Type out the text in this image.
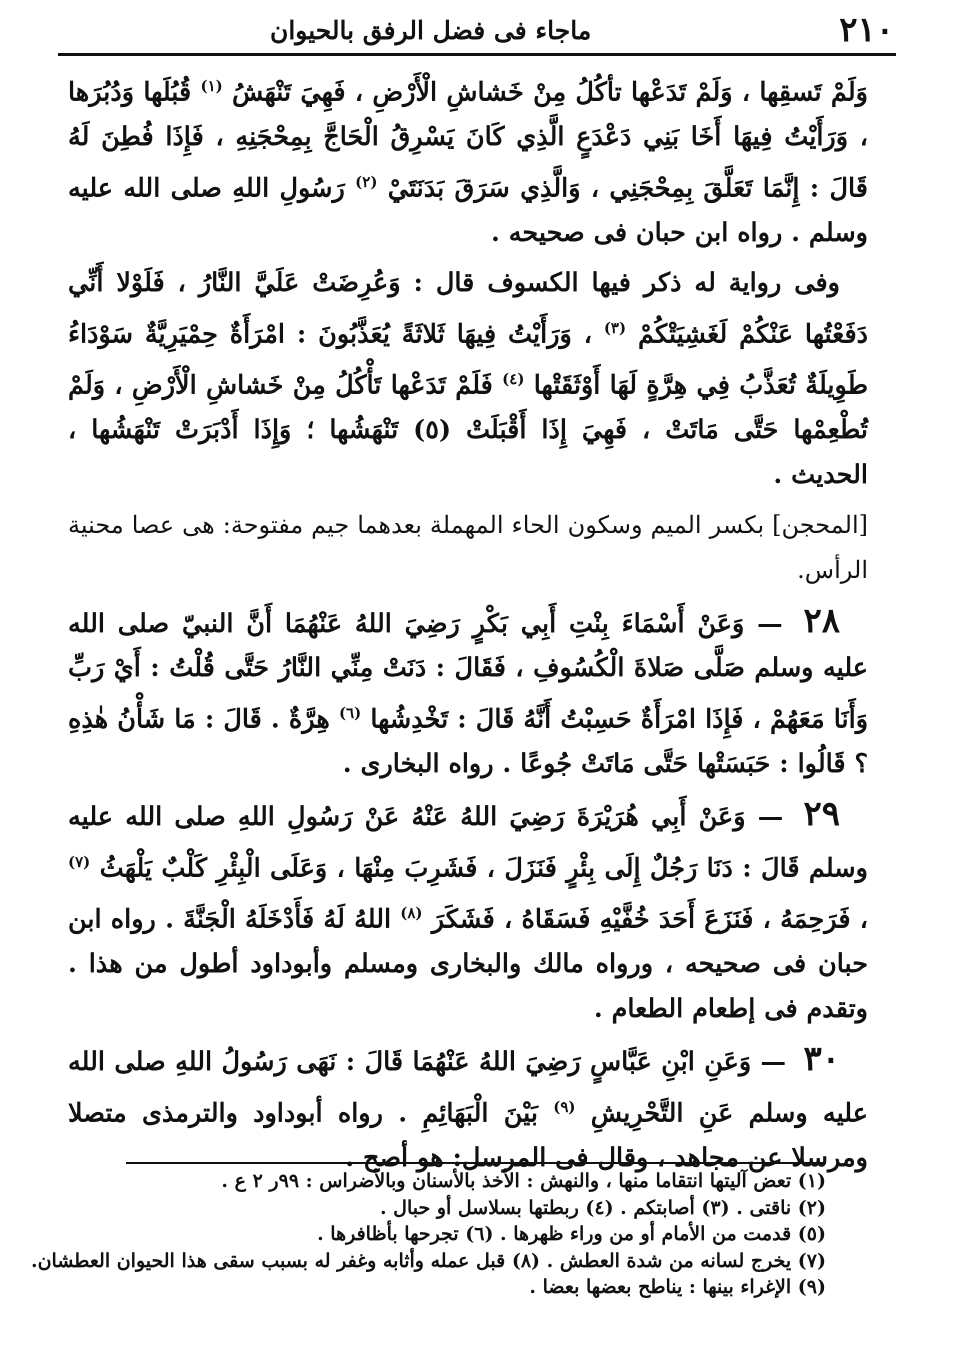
٢١٠
ماجاء فى فضل الرفق بالحيوان

وَلَمْ تَسقِها ، وَلَمْ تَدَعْها تأكُلُ مِنْ خَشاشِ الْأَرْضِ ، فَهِيَ تَنْهَشُ $^{(١)}$ قُبُلَها وَدُبُرَها ، وَرَأَيْتُ فِيهَا أَخَا بَنِي دَعْدَعٍ الَّذِي كَانَ يَسْرِقُ الْحَاجَّ بِمِحْجَنِهِ ، فَإِذَا فُطِنَ لَهُ قَالَ : إِنَّمَا تَعَلَّقَ بِمِحْجَنِي ، وَالَّذِي سَرَقَ بَدَنَتَيْ $^{(٢)}$ رَسُولِ اللهِ صلى الله عليه وسلم . رواه ابن حبان فى صحيحه .

وفى رواية له ذكر فيها الكسوف قال : وَعُرِضَتْ عَلَيَّ النَّارُ ، فَلَوْلا أَنِّي دَفَعْتُها عَنْكُمْ لَغَشِيَتْكُمْ $^{(٣)}$ ، وَرَأَيْتُ فِيهَا ثَلاثَةً يُعَذَّبُونَ : امْرَأَةٌ حِمْيَرِيَّةٌ سَوْدَاءُ طَوِيلَةٌ تُعَذَّبُ فِي هِرَّةٍ لَهَا أَوْثَقَتْها $^{(٤)}$ فَلَمْ تَدَعْها تَأْكُلُ مِنْ خَشاشِ الْأَرْضِ ، وَلَمْ تُطْعِمْها حَتَّى مَاتَتْ ، فَهِيَ إِذَا أَقْبَلَتْ (٥) تَنْهَشُها ؛ وَإِذَا أَدْبَرَتْ تَنْهَشُها ، الحديث .

[المحجن] بكسر الميم وسكون الحاء المهملة بعدهما جيم مفتوحة: هى عصا محنية الرأس.

٢٨ — وَعَنْ أَسْمَاءَ بِنْتِ أَبِي بَكْرٍ رَضِيَ اللهُ عَنْهُمَا أَنَّ النبيّ صلى الله عليه وسلم صَلَّى صَلاةَ الْكُسُوفِ ، فَقَالَ : دَنَتْ مِنِّي النَّارُ حَتَّى قُلْتُ : أَيْ رَبِّ وَأَنَا مَعَهُمْ ، فَإِذَا امْرَأَةٌ حَسِبْتُ أَنَّهُ قَالَ : تَخْدِشُها $^{(٦)}$ هِرَّةٌ . قَالَ : مَا شَأْنُ هٰذِهِ ؟ قَالُوا : حَبَسَتْها حَتَّى مَاتَتْ جُوعًا . رواه البخارى .

٢٩ — وَعَنْ أَبِي هُرَيْرَةَ رَضِيَ اللهُ عَنْهُ عَنْ رَسُولِ اللهِ صلى الله عليه وسلم قَالَ : دَنَا رَجُلٌ إِلَى بِئْرٍ فَنَزَلَ ، فَشَرِبَ مِنْهَا ، وَعَلَى الْبِئْرِ كَلْبٌ يَلْهَثُ $^{(٧)}$ ، فَرَحِمَهُ ، فَنَزَعَ أَحَدَ خُفَّيْهِ فَسَقَاهُ ، فَشَكَرَ $^{(٨)}$ اللهُ لَهُ فَأَدْخَلَهُ الْجَنَّةَ . رواه ابن حبان فى صحيحه ، ورواه مالك والبخارى ومسلم وأبوداود أطول من هذا . وتقدم فى إطعام الطعام .

٣٠ — وَعَنِ ابْنِ عَبَّاسٍ رَضِيَ اللهُ عَنْهُمَا قَالَ : نَهَى رَسُولُ اللهِ صلى الله عليه وسلم عَنِ التَّحْرِيشِ $^{(٩)}$ بَيْنَ الْبَهَائِمِ . رواه أبوداود والترمذى متصلا ومرسلا عن مجاهد ، وقال فى المرسل: هو أصح .

(١) تعض آليتها انتقاما منها ، والنهش : الأخذ بالأسنان وبالأضراس : ٩٩ر ٢ ع .
(٢) ناقتى . (٣) أصابتكم . (٤) ربطتها بسلاسل أو حبال .
(٥) قدمت من الأمام أو من وراء ظهرها . (٦) تجرحها بأظافرها .
(٧) يخرج لسانه من شدة العطش . (٨) قبل عمله وأثابه وغفر له بسبب سقى هذا الحيوان العطشان.
(٩) الإغراء بينها : يناطح بعضها بعضا .
